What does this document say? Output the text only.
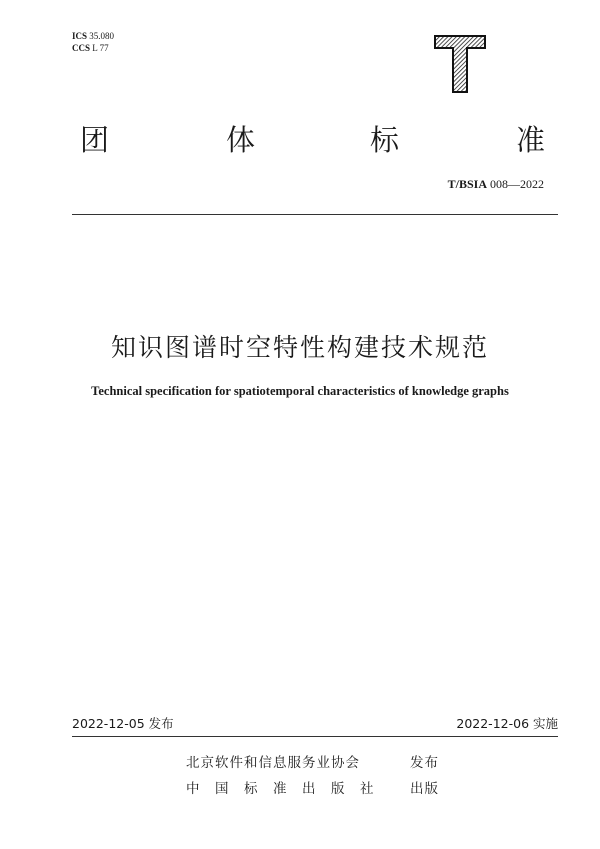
ICS 35.080
CCS L 77
团	体	标	准
T/BSIA 008—2022
知识图谱时空特性构建技术规范
Technical specification for spatiotemporal characteristics of knowledge graphs
2022-12-05 发布	2022-12-06 实施
北京软件和信息服务业协会	发布
中 国 标 准 出 版 社	出版
